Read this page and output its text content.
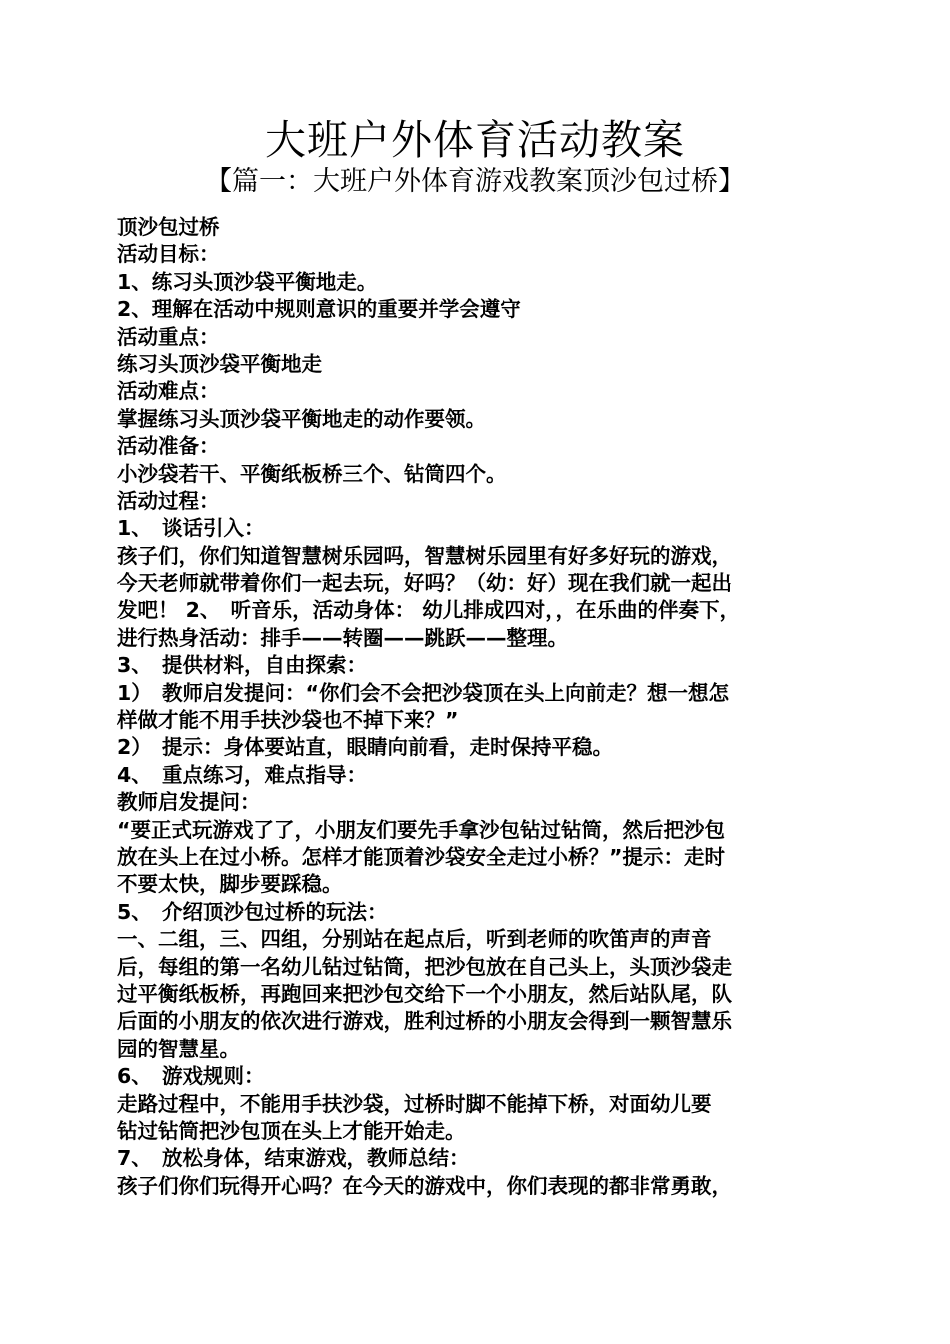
大班户外体育活动教案
【篇一：大班户外体育游戏教案顶沙包过桥】
顶沙包过桥
活动目标：
1、练习头顶沙袋平衡地走。
2、理解在活动中规则意识的重要并学会遵守
活动重点：
练习头顶沙袋平衡地走
活动难点：
掌握练习头顶沙袋平衡地走的动作要领。
活动准备：
小沙袋若干、平衡纸板桥三个、钻筒四个。
活动过程：
1、　谈话引入：
孩子们，你们知道智慧树乐园吗，智慧树乐园里有好多好玩的游戏，
今天老师就带着你们一起去玩，好吗？（幼：好）现在我们就一起出
发吧！ 2、　听音乐，活动身体： 幼儿排成四对，，在乐曲的伴奏下，
进行热身活动：排手——转圈——跳跃——整理。
3、　提供材料，自由探索：
1）　教师启发提问：“你们会不会把沙袋顶在头上向前走？想一想怎
样做才能不用手扶沙袋也不掉下来？”
2）　提示：身体要站直，眼睛向前看，走时保持平稳。
4、　重点练习，难点指导：
教师启发提问：
“要正式玩游戏了了，小朋友们要先手拿沙包钻过钻筒，然后把沙包
放在头上在过小桥。怎样才能顶着沙袋安全走过小桥？”提示：走时
不要太快，脚步要踩稳。
5、　介绍顶沙包过桥的玩法：
一、二组，三、四组，分别站在起点后，听到老师的吹笛声的声音
后，每组的第一名幼儿钻过钻筒，把沙包放在自己头上，头顶沙袋走
过平衡纸板桥，再跑回来把沙包交给下一个小朋友，然后站队尾，队
后面的小朋友的依次进行游戏，胜利过桥的小朋友会得到一颗智慧乐
园的智慧星。
6、　游戏规则：
走路过程中，不能用手扶沙袋，过桥时脚不能掉下桥，对面幼儿要
钻过钻筒把沙包顶在头上才能开始走。
7、　放松身体，结束游戏，教师总结：
孩子们你们玩得开心吗？在今天的游戏中，你们表现的都非常勇敢，
